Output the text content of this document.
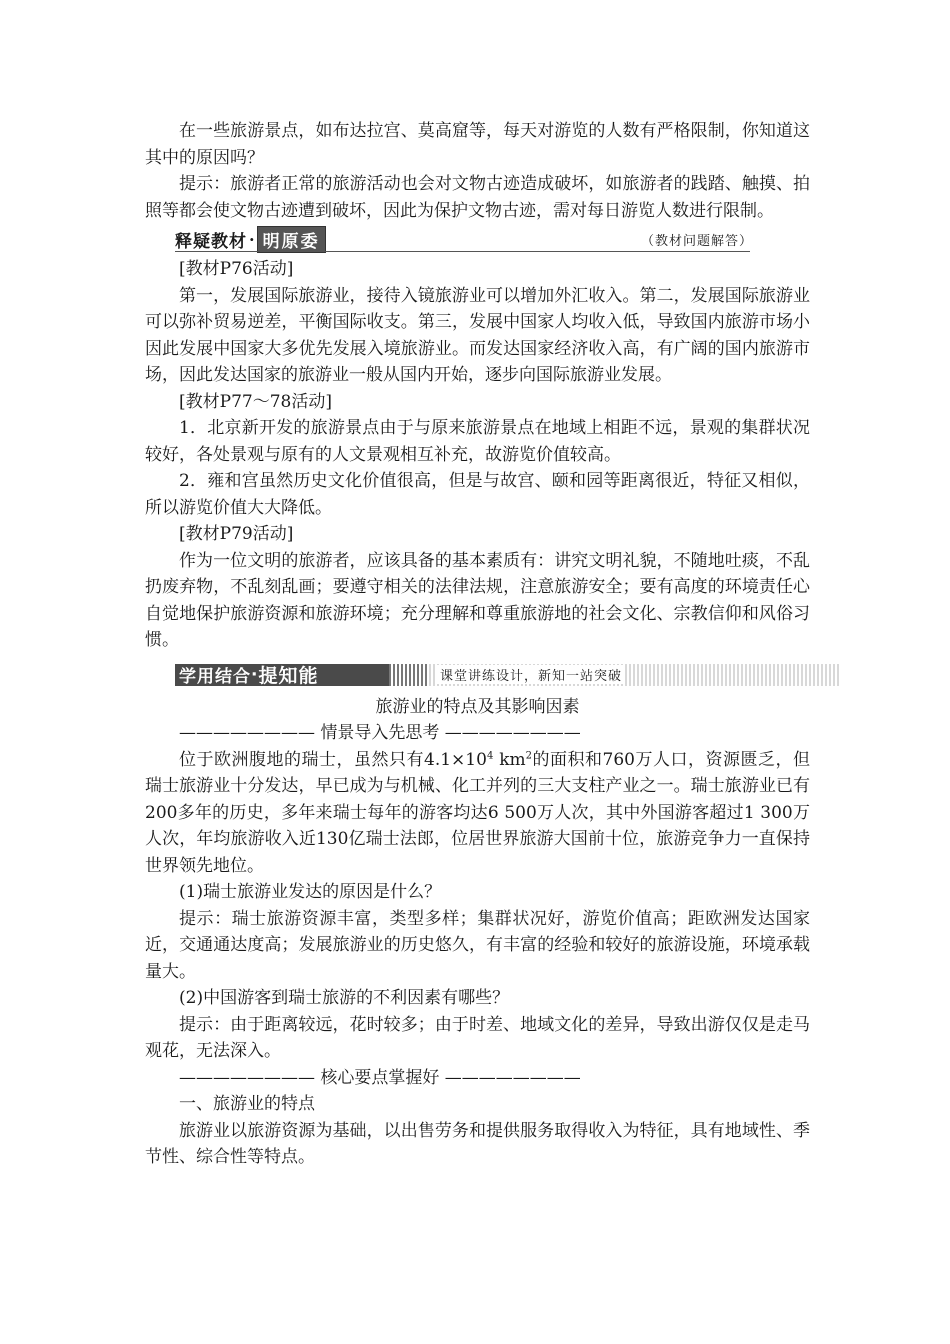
在一些旅游景点，如布达拉宫、莫高窟等，每天对游览的人数有严格限制，你知道这其中的原因吗？

提示：旅游者正常的旅游活动也会对文物古迹造成破坏，如旅游者的践踏、触摸、拍照等都会使文物古迹遭到破坏，因此为保护文物古迹，需对每日游览人数进行限制。

释疑教材 · 明原委	（教材问题解答）

[教材P76活动]

第一，发展国际旅游业，接待入镜旅游业可以增加外汇收入。第二，发展国际旅游业可以弥补贸易逆差，平衡国际收支。第三，发展中国家人均收入低，导致国内旅游市场小因此发展中国家大多优先发展入境旅游业。而发达国家经济收入高，有广阔的国内旅游市场，因此发达国家的旅游业一般从国内开始，逐步向国际旅游业发展。

[教材P77～78活动]

1．北京新开发的旅游景点由于与原来旅游景点在地域上相距不远，景观的集群状况较好，各处景观与原有的人文景观相互补充，故游览价值较高。

2．雍和宫虽然历史文化价值很高，但是与故宫、颐和园等距离很近，特征又相似，所以游览价值大大降低。

[教材P79活动]

作为一位文明的旅游者，应该具备的基本素质有：讲究文明礼貌，不随地吐痰，不乱扔废弃物，不乱刻乱画；要遵守相关的法律法规，注意旅游安全；要有高度的环境责任心自觉地保护旅游资源和旅游环境；充分理解和尊重旅游地的社会文化、宗教信仰和风俗习惯。

学用结合 · 提知能	课堂讲练设计，新知一站突破

旅游业的特点及其影响因素

———————— 情景导入先思考 ————————

位于欧洲腹地的瑞士，虽然只有$4.1\times 10^4$ $km^2$的面积和760万人口，资源匮乏，但瑞士旅游业十分发达，早已成为与机械、化工并列的三大支柱产业之一。瑞士旅游业已有200多年的历史，多年来瑞士每年的游客均达6 500万人次，其中外国游客超过1 300万人次，年均旅游收入近130亿瑞士法郎，位居世界旅游大国前十位，旅游竞争力一直保持世界领先地位。

(1)瑞士旅游业发达的原因是什么？

提示：瑞士旅游资源丰富，类型多样；集群状况好，游览价值高；距欧洲发达国家近，交通通达度高；发展旅游业的历史悠久，有丰富的经验和较好的旅游设施，环境承载量大。

(2)中国游客到瑞士旅游的不利因素有哪些？

提示：由于距离较远，花时较多；由于时差、地域文化的差异，导致出游仅仅是走马观花，无法深入。

———————— 核心要点掌握好 ————————

一、旅游业的特点

旅游业以旅游资源为基础，以出售劳务和提供服务取得收入为特征，具有地域性、季节性、综合性等特点。
